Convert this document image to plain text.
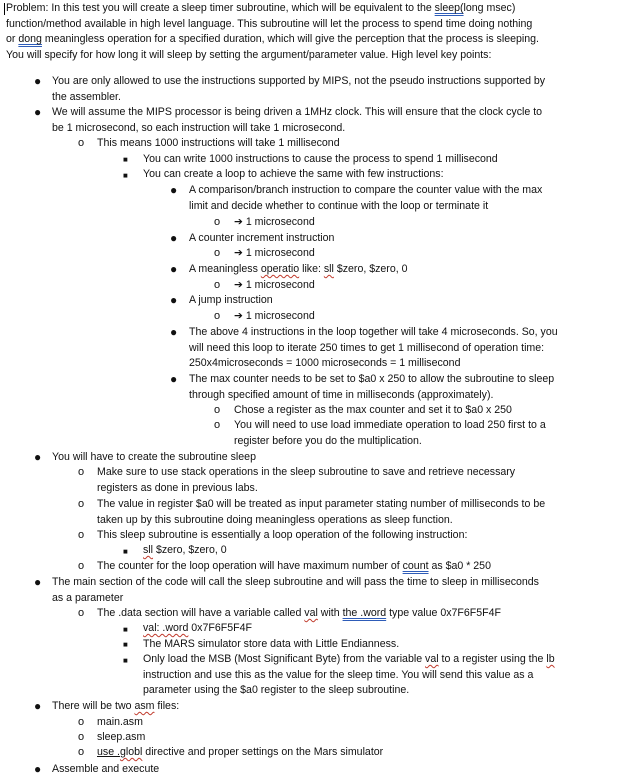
Problem: In this test you will create a sleep timer subroutine, which will be equivalent to the sleep(long msec)
function/method available in high level language. This subroutine will let the process to spend time doing nothing
or dong meaningless operation for a specified duration, which will give the perception that the process is sleeping.
You will specify for how long it will sleep by setting the argument/parameter value. High level key points:
● You are only allowed to use the instructions supported by MIPS, not the pseudo instructions supported by
the assembler.
● We will assume the MIPS processor is being driven a 1MHz clock. This will ensure that the clock cycle to
be 1 microsecond, so each instruction will take 1 microsecond.
o This means 1000 instructions will take 1 millisecond
■ You can write 1000 instructions to cause the process to spend 1 millisecond
■ You can create a loop to achieve the same with few instructions:
● A comparison/branch instruction to compare the counter value with the max
limit and decide whether to continue with the loop or terminate it
o ➔ 1 microsecond
● A counter increment instruction
o ➔ 1 microsecond
● A meaningless operatio like: sll $zero, $zero, 0
o ➔ 1 microsecond
● A jump instruction
o ➔ 1 microsecond
● The above 4 instructions in the loop together will take 4 microseconds. So, you
will need this loop to iterate 250 times to get 1 millisecond of operation time:
250x4microseconds = 1000 microseconds = 1 millisecond
● The max counter needs to be set to $a0 x 250 to allow the subroutine to sleep
through specified amount of time in milliseconds (approximately).
o Chose a register as the max counter and set it to $a0 x 250
o You will need to use load immediate operation to load 250 first to a
register before you do the multiplication.
● You will have to create the subroutine sleep
o Make sure to use stack operations in the sleep subroutine to save and retrieve necessary
registers as done in previous labs.
o The value in register $a0 will be treated as input parameter stating number of milliseconds to be
taken up by this subroutine doing meaningless operations as sleep function.
o This sleep subroutine is essentially a loop operation of the following instruction:
■ sll $zero, $zero, 0
o The counter for the loop operation will have maximum number of count as $a0 * 250
● The main section of the code will call the sleep subroutine and will pass the time to sleep in milliseconds
as a parameter
o The .data section will have a variable called val with the .word type value 0x7F6F5F4F
■ val: .word 0x7F6F5F4F
■ The MARS simulator store data with Little Endianness.
■ Only load the MSB (Most Significant Byte) from the variable val to a register using the lb
instruction and use this as the value for the sleep time. You will send this value as a
parameter using the $a0 register to the sleep subroutine.
● There will be two asm files:
o main.asm
o sleep.asm
o use .globl directive and proper settings on the Mars simulator
● Assemble and execute
